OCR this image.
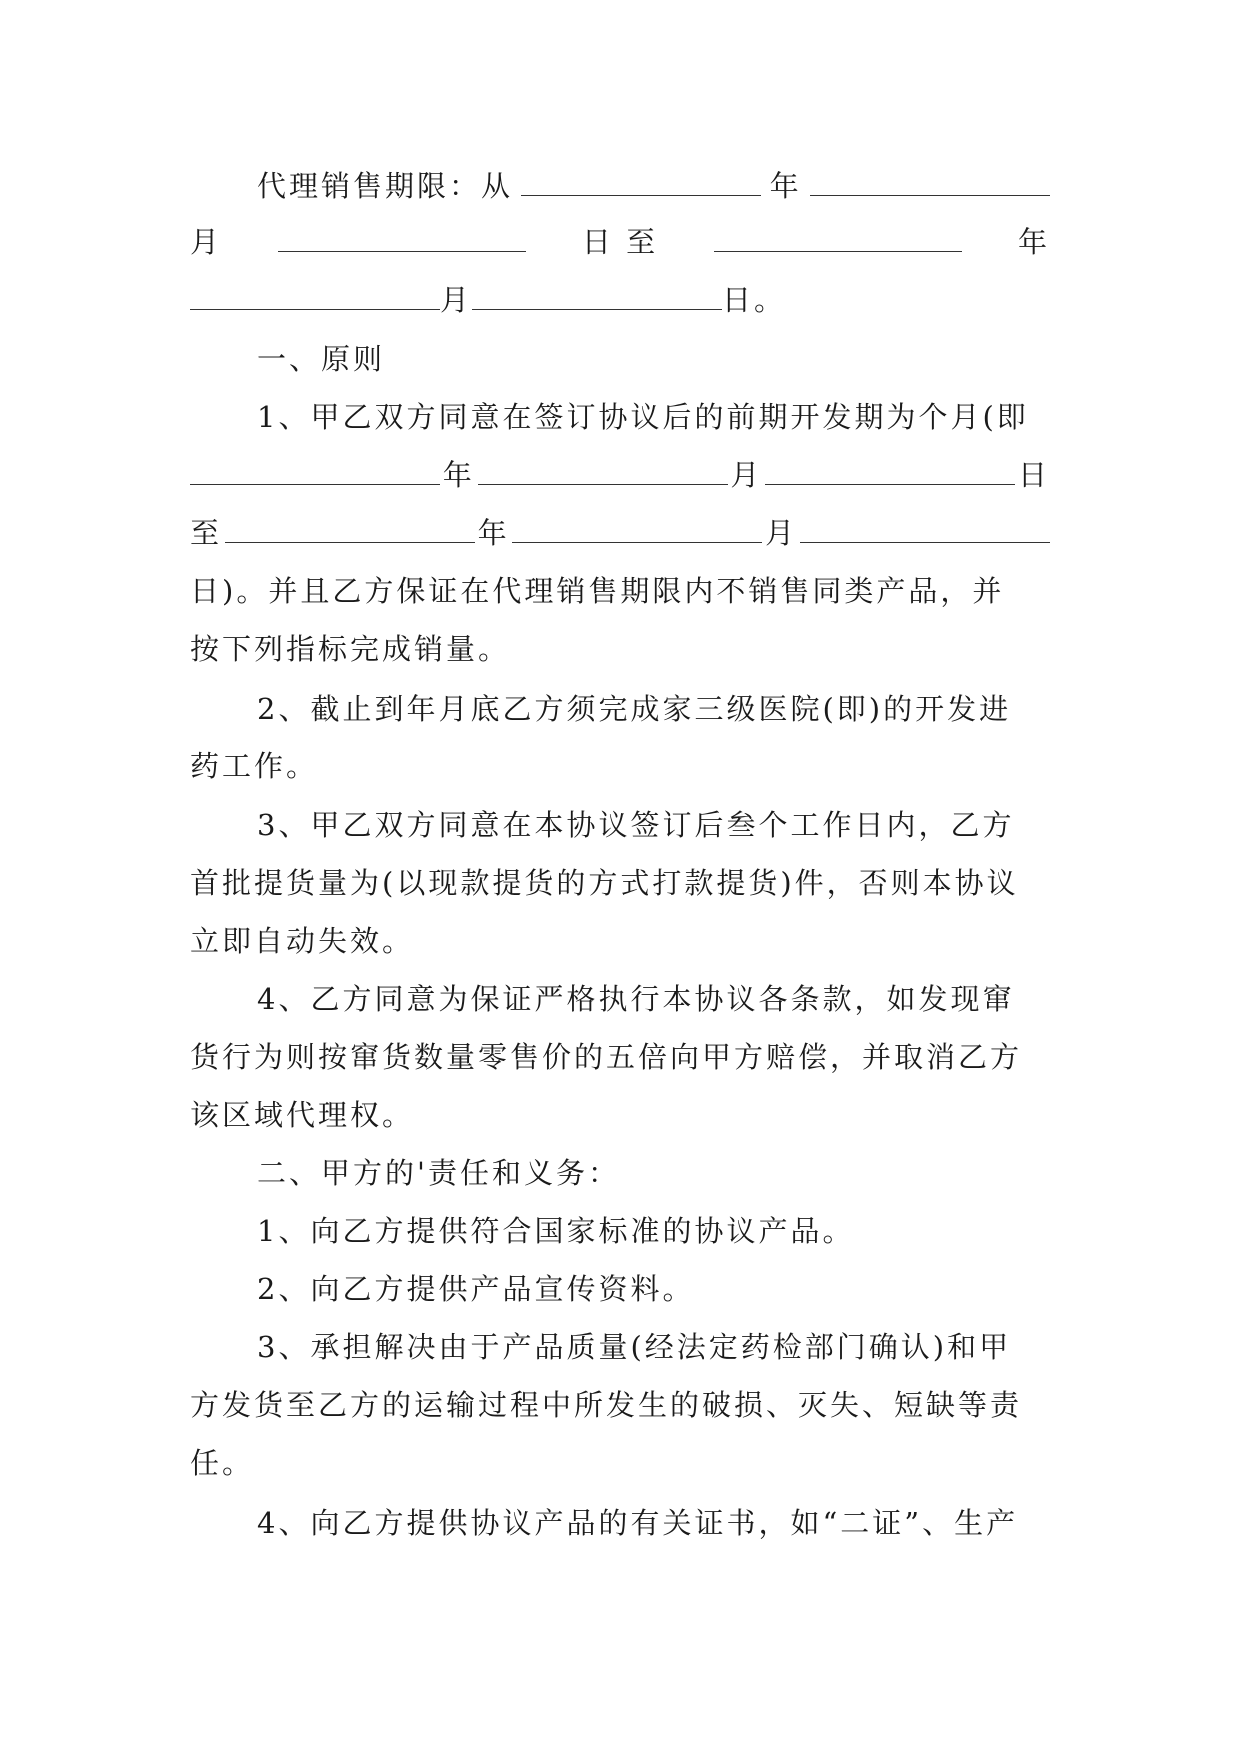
代理销售期限：从	年
月	日 至	年
月	日。
一、原则
1、甲乙双方同意在签订协议后的前期开发期为个月(即
年	月	日
至	年	月
日)。并且乙方保证在代理销售期限内不销售同类产品，并
按下列指标完成销量。
2、截止到年月底乙方须完成家三级医院(即)的开发进
药工作。
3、甲乙双方同意在本协议签订后叁个工作日内，乙方
首批提货量为(以现款提货的方式打款提货)件，否则本协议
立即自动失效。
4、乙方同意为保证严格执行本协议各条款，如发现窜
货行为则按窜货数量零售价的五倍向甲方赔偿，并取消乙方
该区域代理权。
二、甲方的'责任和义务：
1、向乙方提供符合国家标准的协议产品。
2、向乙方提供产品宣传资料。
3、承担解决由于产品质量(经法定药检部门确认)和甲
方发货至乙方的运输过程中所发生的破损、灭失、短缺等责
任。
4、向乙方提供协议产品的有关证书，如“二证”、生产
